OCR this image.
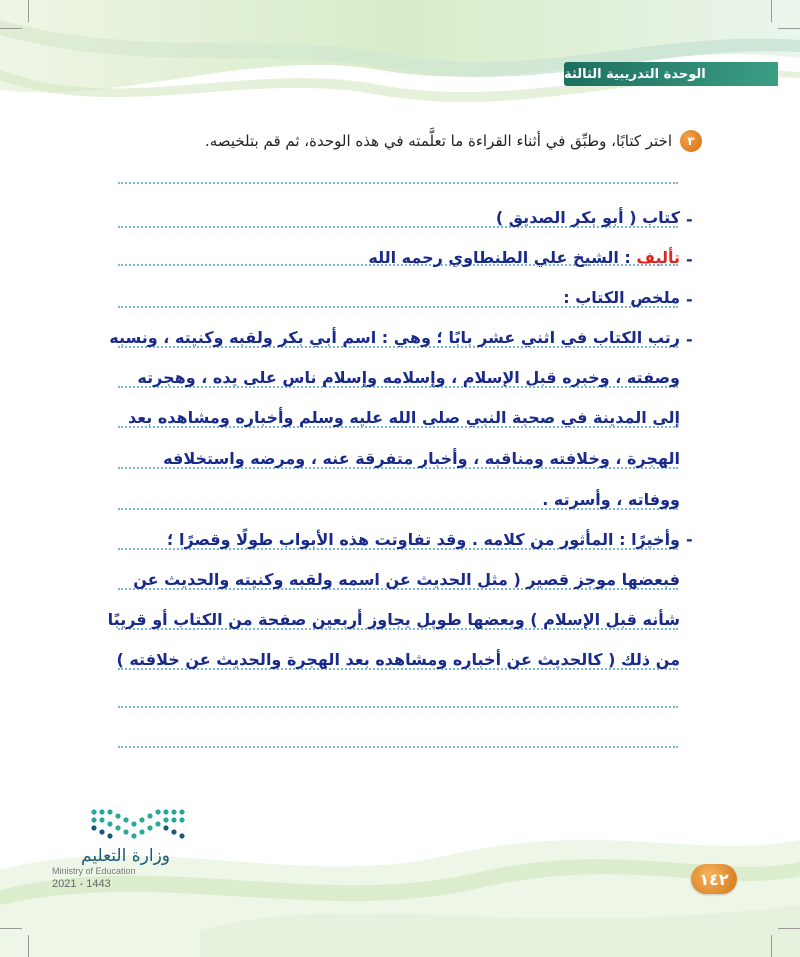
الوحدة التدريبية الثالثة
٣
اختر كتابًا، وطبِّق في أثناء القراءة ما تعلَّمته في هذه الوحدة، ثم قم بتلخيصه.
-
-
-
-
-
كتاب ( أبو بكر الصديق )
تأليف : الشيخ علي الطنطاوي رحمه الله
ملخص الكتاب :
رتب الكتاب في اثني عشر بابًا ؛ وهي : اسم أبي بكر ولقبه وكنيته ، ونسبه
وصفته ، وخبره قبل الإسلام ، وإسلامه وإسلام ناس على يده ، وهجرته
إلى المدينة في صحبة النبي صلى الله عليه وسلم وأخباره ومشاهده بعد
الهجرة ، وخلافته ومناقبه ، وأخبار متفرقة عنه ، ومرضه واستخلافه
ووفاته ، وأسرته .
وأخيرًا : المأثور من كلامه . وقد تفاوتت هذه الأبواب طولًا وقصرًا ؛
فبعضها موجز قصير ( مثل الحديث عن اسمه ولقبه وكنيته والحديث عن
شأنه قبل الإسلام ) وبعضها طويل يجاوز أربعين صفحة من الكتاب أو قريبًا
من ذلك ( كالحديث عن أخباره ومشاهده بعد الهجرة والحديث عن خلافته )
وزارة التعليم
Ministry of Education
2021 - 1443	١٤٢
